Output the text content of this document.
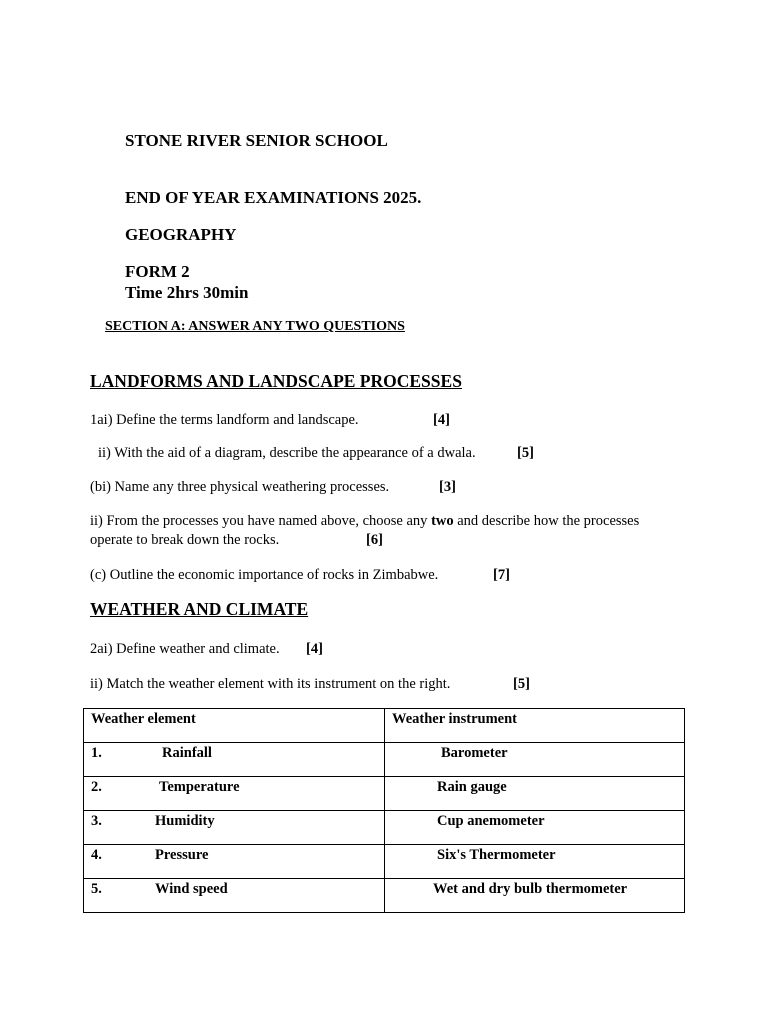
STONE RIVER SENIOR SCHOOL
END OF YEAR EXAMINATIONS 2025.
GEOGRAPHY
FORM 2
Time 2hrs 30min
SECTION A: ANSWER ANY TWO QUESTIONS
LANDFORMS AND LANDSCAPE PROCESSES
1ai) Define the terms landform and landscape.	[4]
ii) With the aid of a diagram, describe the appearance of a dwala.	[5]
(bi) Name any three physical weathering processes.	[3]
ii) From the processes you have named above, choose any two and describe how the processes
operate to break down the rocks.	[6]
(c) Outline the economic importance of rocks in Zimbabwe.	[7]
WEATHER AND CLIMATE
2ai) Define weather and climate. [4]
ii) Match the weather element with its instrument on the right.	[5]
Weather element	Weather instrument

1. Rainfall	Barometer

2. Temperature	Rain gauge

3. Humidity	Cup anemometer

4. Pressure	Six's Thermometer

5. Wind speed	Wet and dry bulb thermometer
